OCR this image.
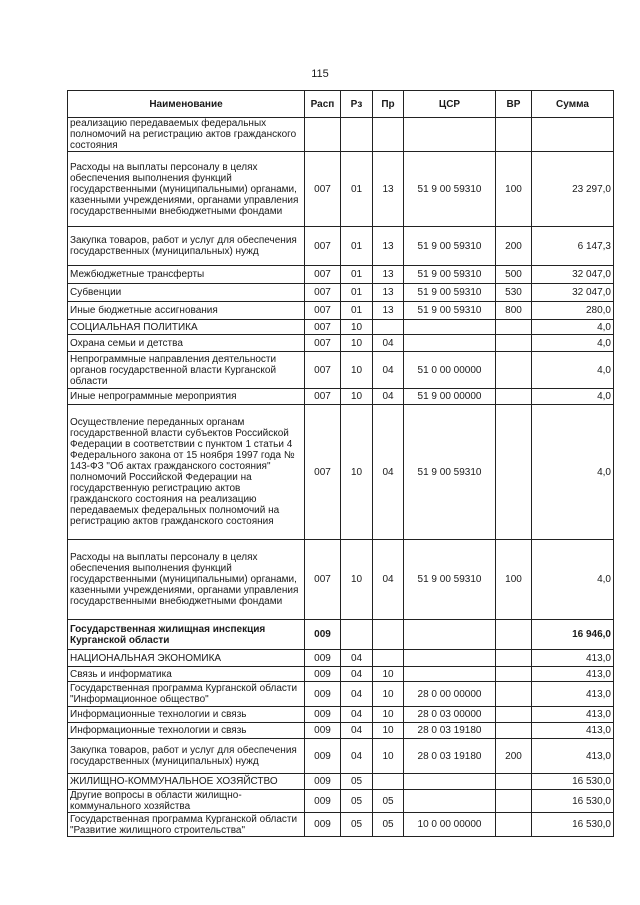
115
Наименование	Расп	Рз	Пр	ЦСР	ВР	Сумма
реализацию передаваемых федеральных полномочий на регистрацию актов гражданского состояния						
Расходы на выплаты персоналу в целях обеспечения выполнения функций государственными (муниципальными) органами, казенными учреждениями, органами управления государственными внебюджетными фондами	007	01	13	51 9 00 59310	100	23 297,0
Закупка товаров, работ и услуг для обеспечения государственных (муниципальных) нужд	007	01	13	51 9 00 59310	200	6 147,3
Межбюджетные трансферты	007	01	13	51 9 00 59310	500	32 047,0
Субвенции	007	01	13	51 9 00 59310	530	32 047,0
Иные бюджетные ассигнования	007	01	13	51 9 00 59310	800	280,0
СОЦИАЛЬНАЯ ПОЛИТИКА	007	10				4,0
Охрана семьи и детства	007	10	04			4,0
Непрограммные направления деятельности органов государственной власти Курганской области	007	10	04	51 0 00 00000		4,0
Иные непрограммные мероприятия	007	10	04	51 9 00 00000		4,0
Осуществление переданных органам государственной власти субъектов Российской Федерации в соответствии с пунктом 1 статьи 4 Федерального закона от 15 ноября 1997 года № 143-ФЗ "Об актах гражданского состояния" полномочий Российской Федерации на государственную регистрацию актов гражданского состояния на реализацию передаваемых федеральных полномочий на регистрацию актов гражданского состояния	007	10	04	51 9 00 59310		4,0
Расходы на выплаты персоналу в целях обеспечения выполнения функций государственными (муниципальными) органами, казенными учреждениями, органами управления государственными внебюджетными фондами	007	10	04	51 9 00 59310	100	4,0
Государственная жилищная инспекция Курганской области	009					16 946,0
НАЦИОНАЛЬНАЯ ЭКОНОМИКА	009	04				413,0
Связь и информатика	009	04	10			413,0
Государственная программа Курганской области "Информационное общество"	009	04	10	28 0 00 00000		413,0
Информационные технологии и связь	009	04	10	28 0 03 00000		413,0
Информационные технологии и связь	009	04	10	28 0 03 19180		413,0
Закупка товаров, работ и услуг для обеспечения государственных (муниципальных) нужд	009	04	10	28 0 03 19180	200	413,0
ЖИЛИЩНО-КОММУНАЛЬНОЕ ХОЗЯЙСТВО	009	05				16 530,0
Другие вопросы в области жилищно-коммунального хозяйства	009	05	05			16 530,0
Государственная программа Курганской области "Развитие жилищного строительства"	009	05	05	10 0 00 00000		16 530,0
